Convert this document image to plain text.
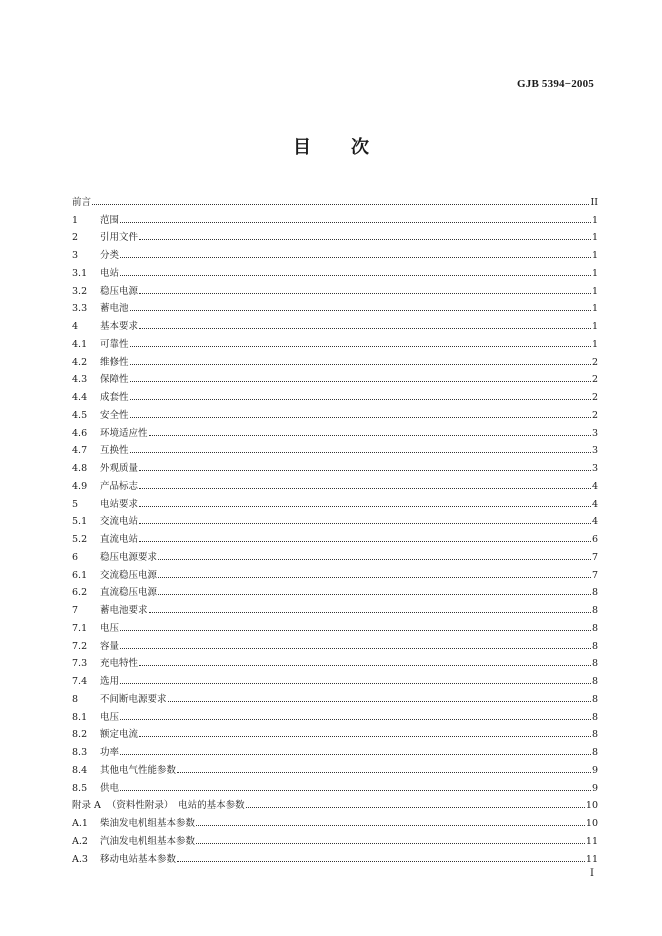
GJB 5394−2005
目 次
前言	II
1	范围	1
2	引用文件	1
3	分类	1
3.1	电站	1
3.2	稳压电源	1
3.3	蓄电池	1
4	基本要求	1
4.1	可靠性	1
4.2	维修性	2
4.3	保障性	2
4.4	成套性	2
4.5	安全性	2
4.6	环境适应性	3
4.7	互换性	3
4.8	外观质量	3
4.9	产品标志	4
5	电站要求	4
5.1	交流电站	4
5.2	直流电站	6
6	稳压电源要求	7
6.1	交流稳压电源	7
6.2	直流稳压电源	8
7	蓄电池要求	8
7.1	电压	8
7.2	容量	8
7.3	充电特性	8
7.4	选用	8
8	不间断电源要求	8
8.1	电压	8
8.2	额定电流	8
8.3	功率	8
8.4	其他电气性能参数	9
8.5	供电	9
附录 A （资料性附录）　电站的基本参数	10
A.1	柴油发电机组基本参数	10
A.2	汽油发电机组基本参数	11
A.3	移动电站基本参数	11
I
